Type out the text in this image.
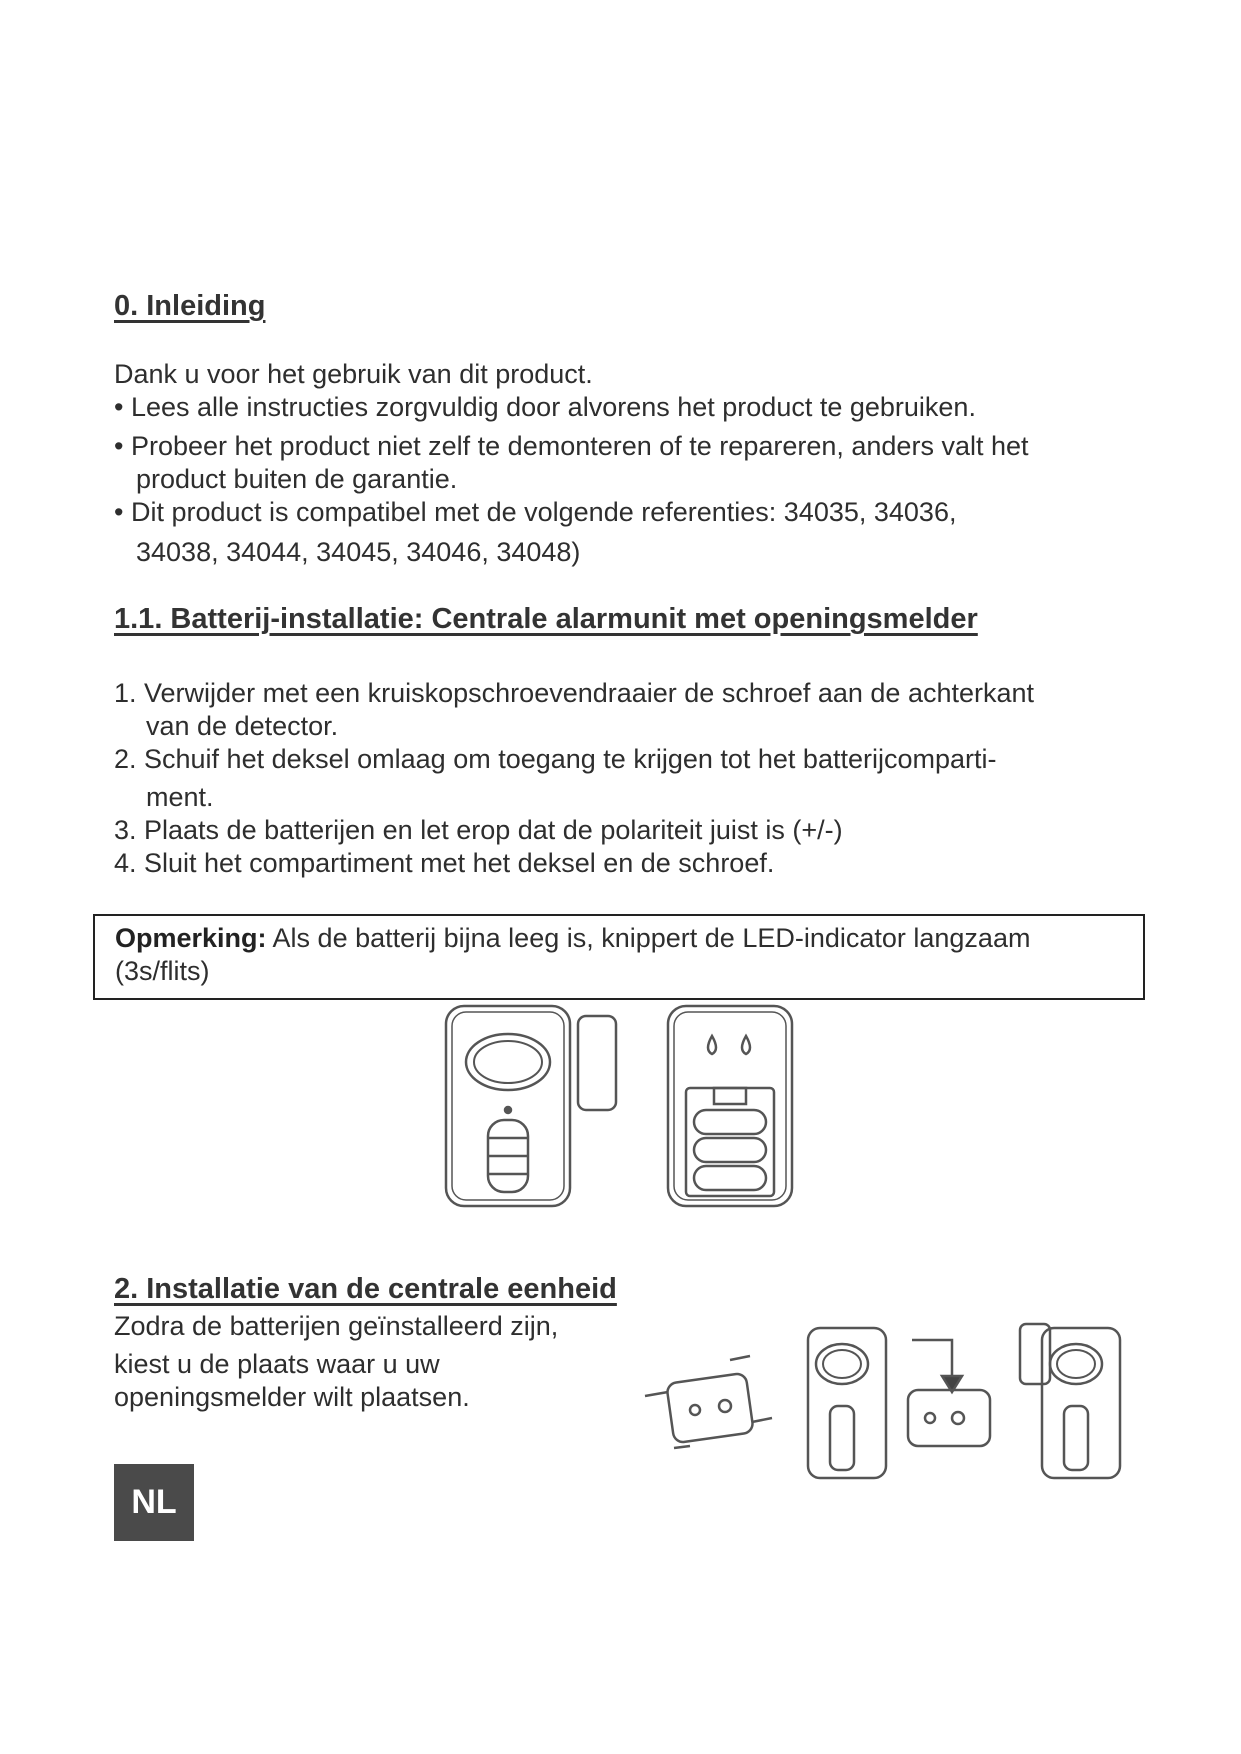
0. Inleiding
Dank u voor het gebruik van dit product.
• Lees alle instructies zorgvuldig door alvorens het product te gebruiken.
• Probeer het product niet zelf te demonteren of te repareren, anders valt het
product buiten de garantie.
• Dit product is compatibel met de volgende referenties: 34035, 34036,
34038, 34044, 34045, 34046, 34048)
1.1. Batterij-installatie: Centrale alarmunit met openingsmelder
1. Verwijder met een kruiskopschroevendraaier de schroef aan de achterkant
van de detector.
2. Schuif het deksel omlaag om toegang te krijgen tot het batterijcomparti-
ment.
3. Plaats de batterijen en let erop dat de polariteit juist is (+/-)
4. Sluit het compartiment met het deksel en de schroef.
Opmerking: Als de batterij bijna leeg is, knippert de LED-indicator langzaam
(3s/flits)
2. Installatie van de centrale eenheid
Zodra de batterijen geïnstalleerd zijn,
kiest u de plaats waar u uw
openingsmelder wilt plaatsen.
NL
